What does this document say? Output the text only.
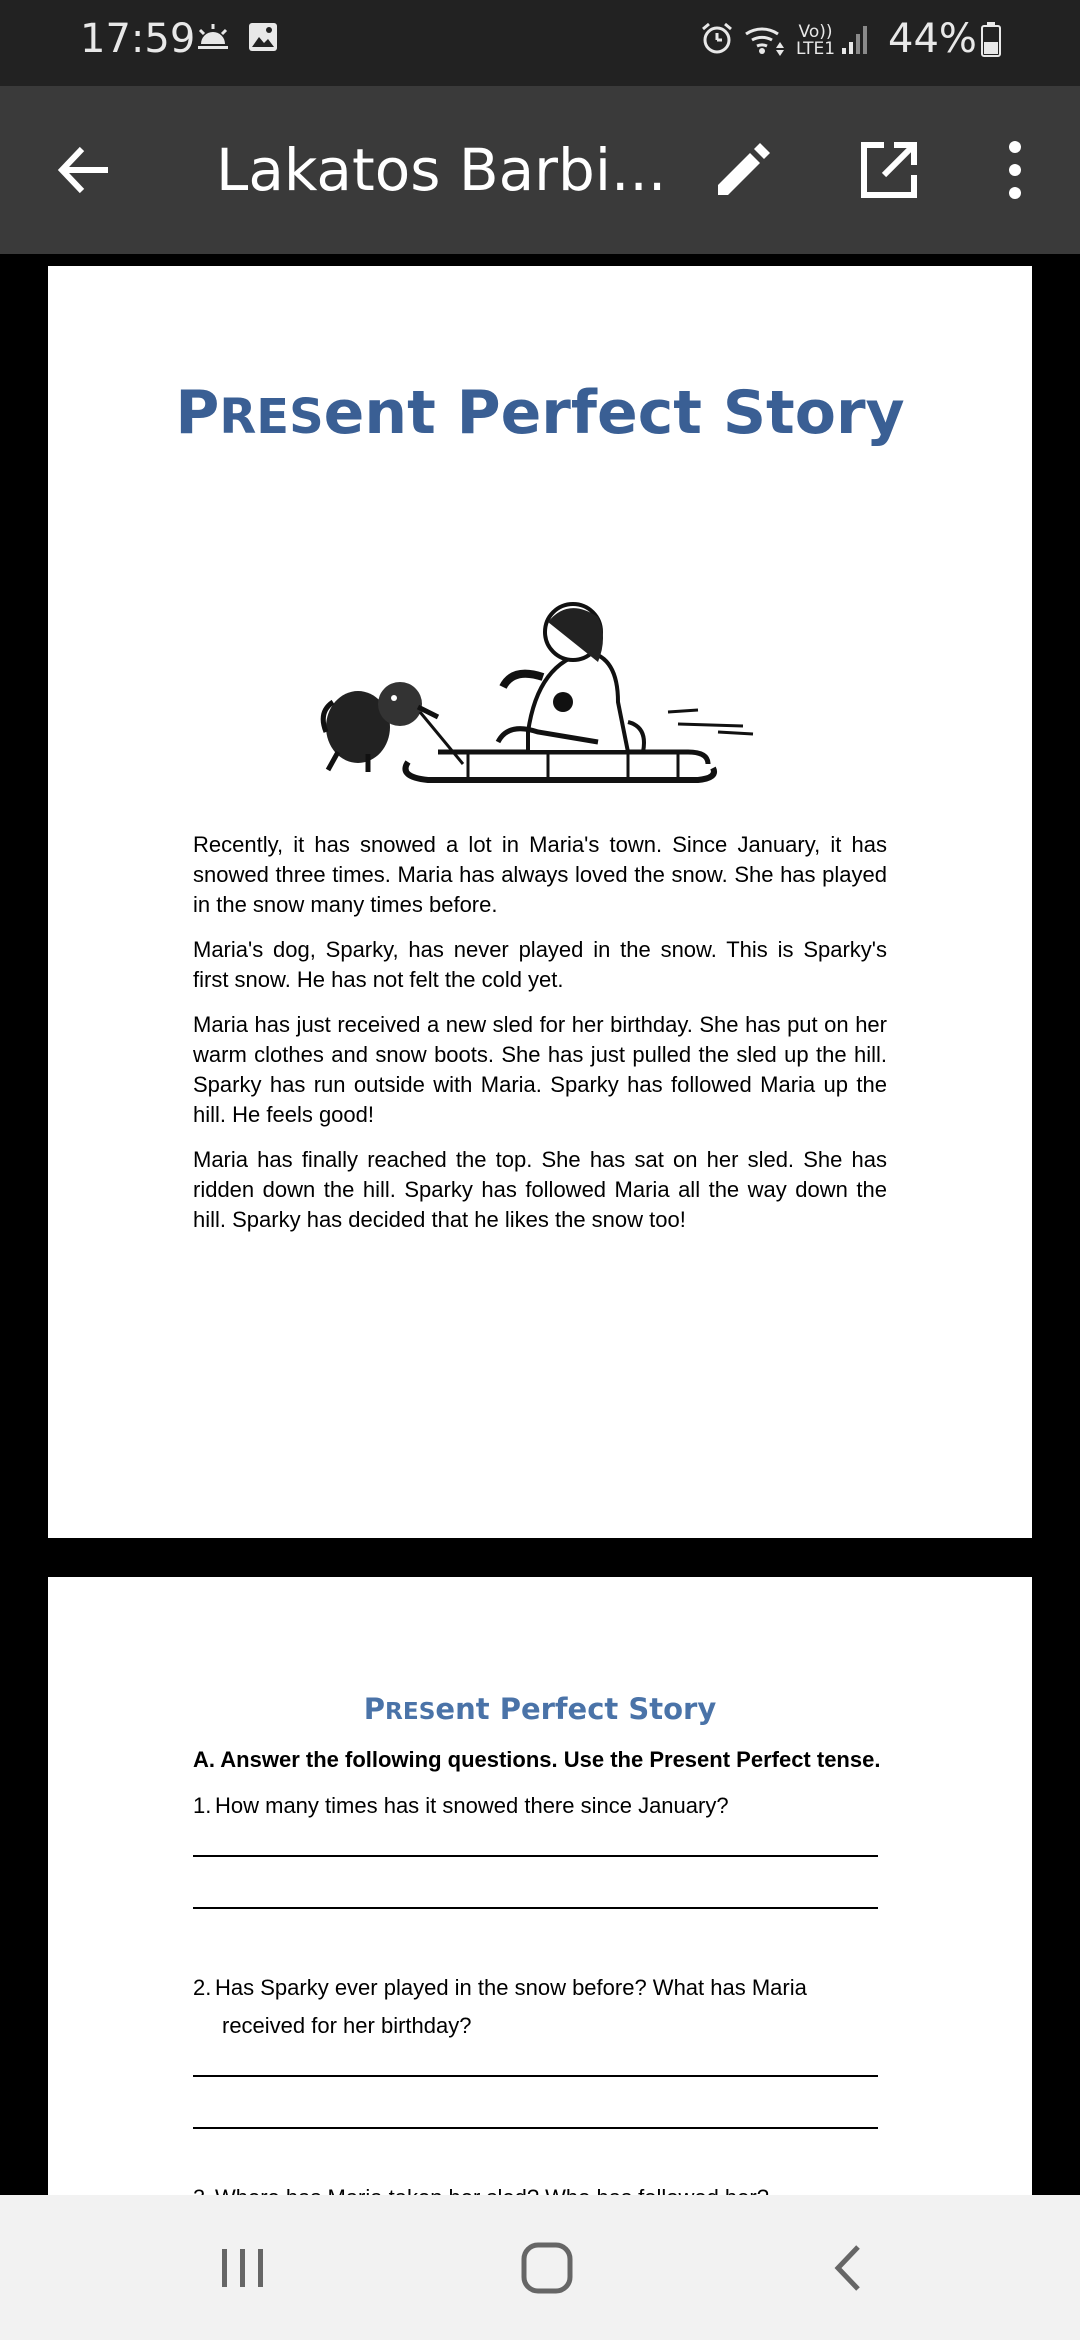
17:59	Vo))
LTE1 44%
Lakatos Barbi...
PRESent Perfect Story

Recently, it has snowed a lot in Maria's town. Since January, it has snowed three times. Maria has always loved the snow. She has played in the snow many times before.

Maria's dog, Sparky, has never played in the snow. This is Sparky's first snow. He has not felt the cold yet.

Maria has just received a new sled for her birthday. She has put on her warm clothes and snow boots. She has just pulled the sled up the hill. Sparky has run outside with Maria. Sparky has followed Maria up the hill. He feels good!

Maria has finally reached the top. She has sat on her sled. She has ridden down the hill. Sparky has followed Maria all the way down the hill. Sparky has decided that he likes the snow too!

PRESent Perfect Story
A. Answer the following questions. Use the Present Perfect tense.
1. How many times has it snowed there since January?
2. Has Sparky ever played in the snow before? What has Maria
received for her birthday?
